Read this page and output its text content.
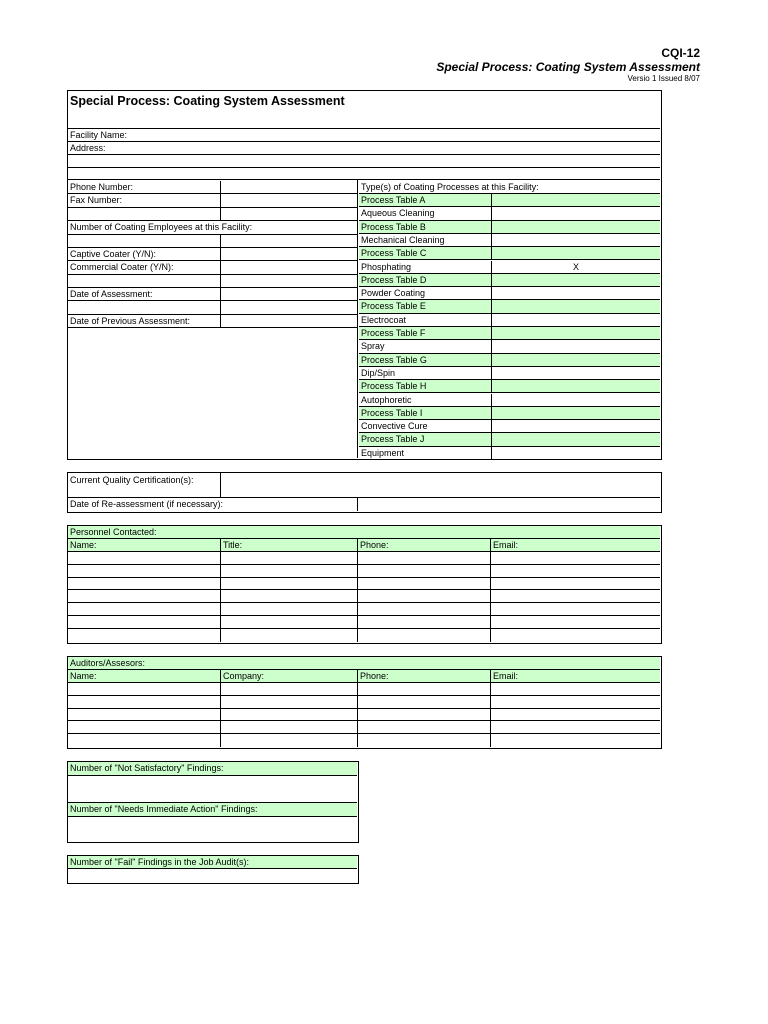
CQI-12
Special Process: Coating System Assessment
Versio 1 Issued 8/07
Special Process: Coating System Assessment
Facility Name:
Address:
Phone Number:
Fax Number:
Number of Coating Employees at this Facility:
Captive Coater (Y/N):
Commercial Coater (Y/N):
Date of Assessment:
Date of Previous Assessment:
Type(s) of Coating Processes at this Facility:
Process Table A
Aqueous Cleaning
Process Table B
Mechanical Cleaning
Process Table C
Phosphating	X
Process Table D
Powder Coating
Process Table E
Electrocoat
Process Table F
Spray
Process Table G
Dip/Spin
Process Table H
Autophoretic
Process Table I
Convective Cure
Process Table J
Equipment
Current Quality Certification(s):
Date of Re-assessment (if necessary):
Personnel Contacted:
Name:	Title:	Phone:	Email:
Auditors/Assesors:
Name:	Company:	Phone:	Email:
Number of "Not Satisfactory" Findings:
Number of "Needs Immediate Action" Findings:
Number of "Fail" Findings in the Job Audit(s):
